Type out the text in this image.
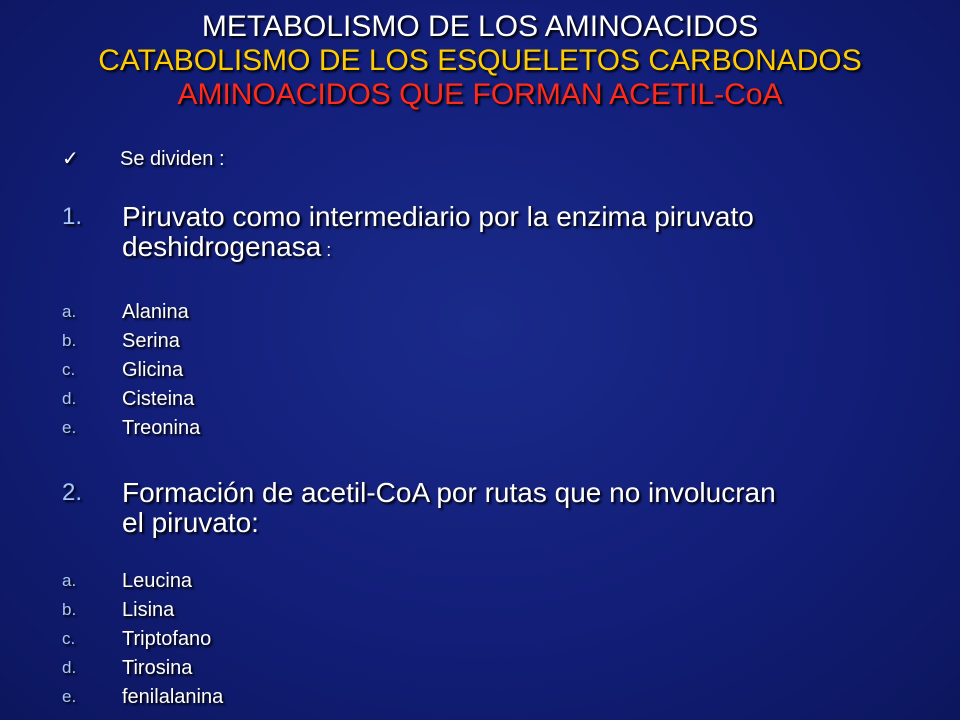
METABOLISMO DE LOS AMINOACIDOS
CATABOLISMO DE LOS ESQUELETOS CARBONADOS
AMINOACIDOS QUE FORMAN ACETIL-CoA
✓ Se dividen :
1. Piruvato como intermediario por la enzima piruvato
deshidrogenasa :
a. Alanina
b. Serina
c. Glicina
d. Cisteina
e. Treonina
2. Formación de acetil-CoA por rutas que no involucran
el piruvato:
a. Leucina
b. Lisina
c. Triptofano
d. Tirosina
e. fenilalanina
